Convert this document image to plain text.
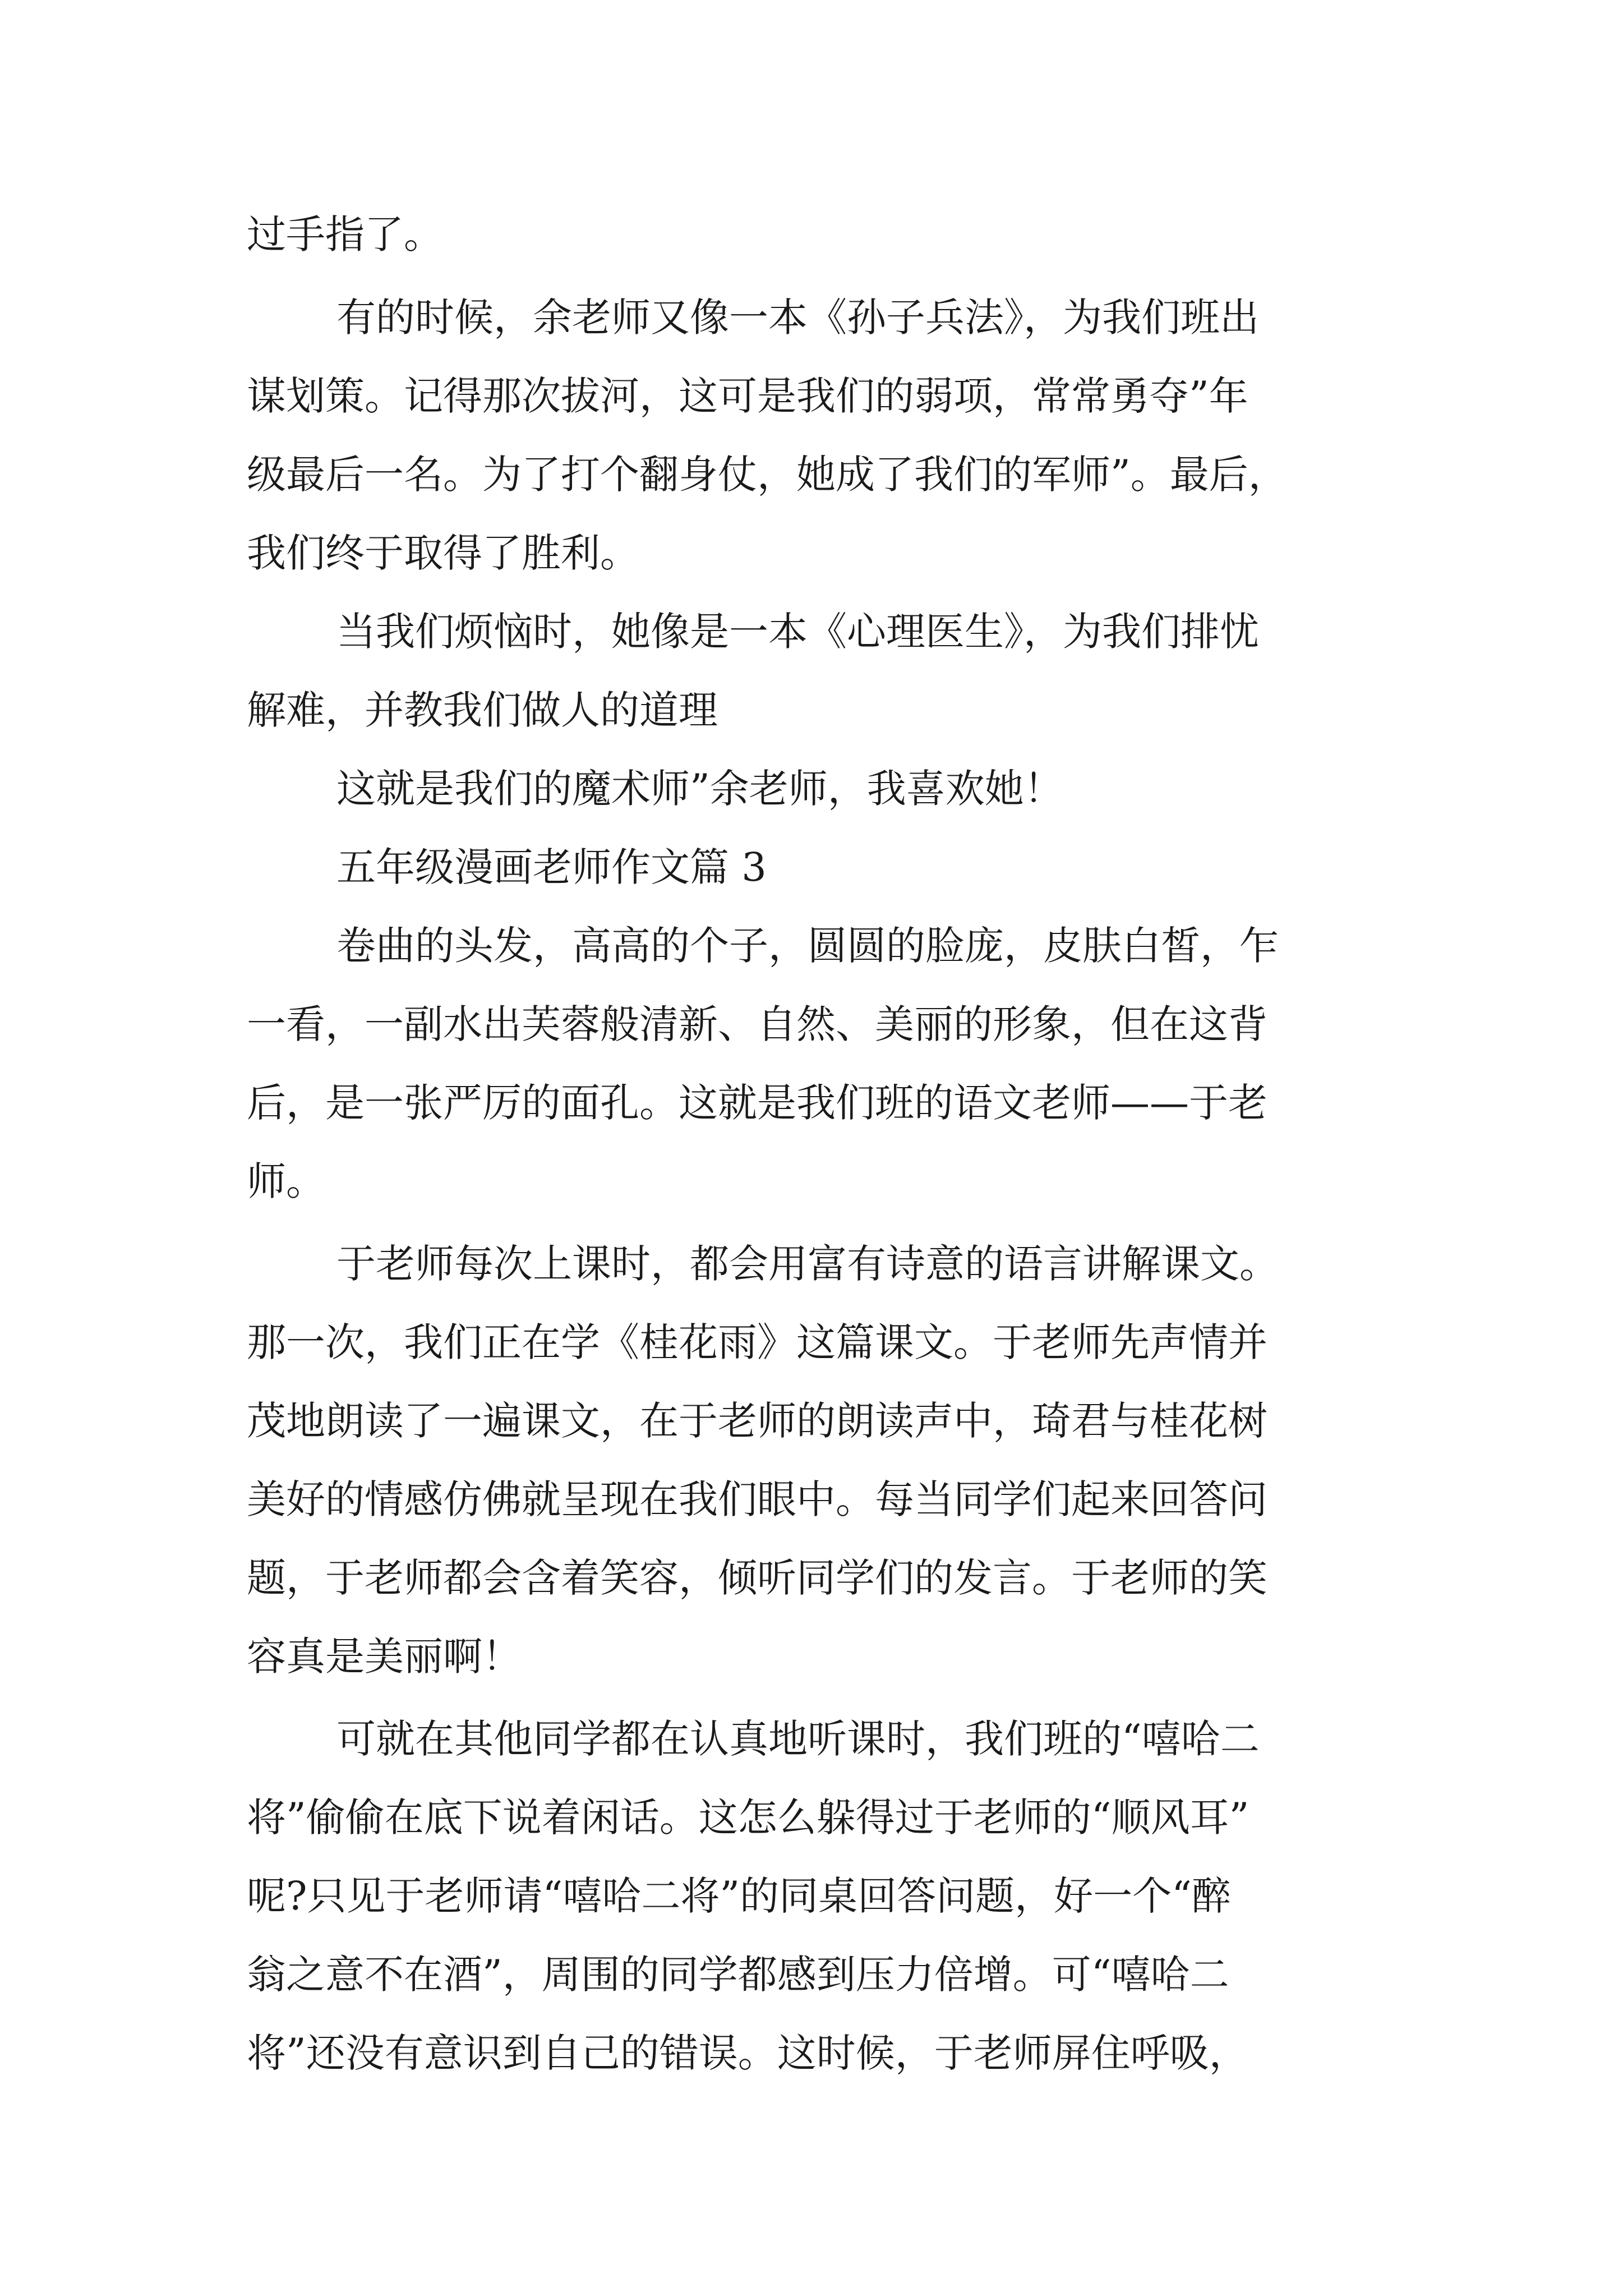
过手指了。
有的时候，余老师又像一本《孙子兵法》，为我们班出
谋划策。记得那次拔河，这可是我们的弱项，常常勇夺”年
级最后一名。为了打个翻身仗，她成了我们的军师”。最后，
我们终于取得了胜利。
当我们烦恼时，她像是一本《心理医生》，为我们排忧
解难，并教我们做人的道理
这就是我们的魔术师”余老师，我喜欢她！
五年级漫画老师作文篇 3
卷曲的头发，高高的个子，圆圆的脸庞，皮肤白皙，乍
一看，一副水出芙蓉般清新、自然、美丽的形象，但在这背
后，是一张严厉的面孔。这就是我们班的语文老师——于老
师。
于老师每次上课时，都会用富有诗意的语言讲解课文。
那一次，我们正在学《桂花雨》这篇课文。于老师先声情并
茂地朗读了一遍课文，在于老师的朗读声中，琦君与桂花树
美好的情感仿佛就呈现在我们眼中。每当同学们起来回答问
题，于老师都会含着笑容，倾听同学们的发言。于老师的笑
容真是美丽啊！
可就在其他同学都在认真地听课时，我们班的“嘻哈二
将”偷偷在底下说着闲话。这怎么躲得过于老师的“顺风耳”
呢?只见于老师请“嘻哈二将”的同桌回答问题，好一个“醉
翁之意不在酒”，周围的同学都感到压力倍增。可“嘻哈二
将”还没有意识到自己的错误。这时候，于老师屏住呼吸，
